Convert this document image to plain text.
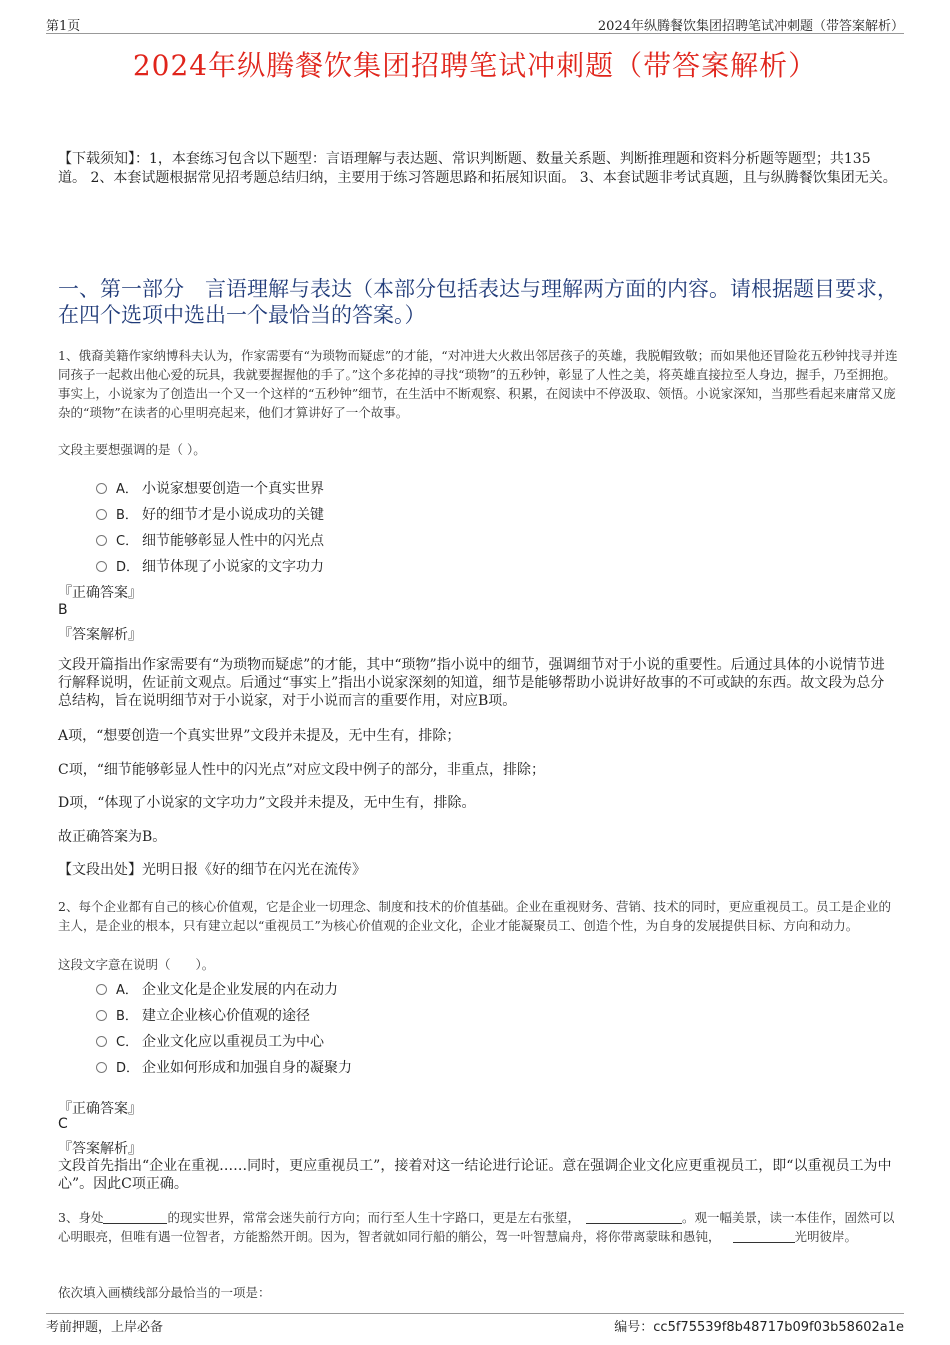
第1页	2024年纵腾餐饮集团招聘笔试冲刺题（带答案解析）
2024年纵腾餐饮集团招聘笔试冲刺题（带答案解析）
【下载须知】：1，本套练习包含以下题型：言语理解与表达题、常识判断题、数量关系题、判断推理题和资料分析题等题型；共135道。 2、本套试题根据常见招考题总结归纳，主要用于练习答题思路和拓展知识面。 3、本套试题非考试真题，且与纵腾餐饮集团无关。
一、第一部分　言语理解与表达（本部分包括表达与理解两方面的内容。请根据题目要求，在四个选项中选出一个最恰当的答案。）
1、俄裔美籍作家纳博科夫认为，作家需要有“为琐物而疑虑”的才能，“对冲进大火救出邻居孩子的英雄，我脱帽致敬；而如果他还冒险花五秒钟找寻并连同孩子一起救出他心爱的玩具，我就要握握他的手了。”这个多花掉的寻找“琐物”的五秒钟，彰显了人性之美，将英雄直接拉至人身边，握手，乃至拥抱。事实上，小说家为了创造出一个又一个这样的“五秒钟”细节，在生活中不断观察、积累，在阅读中不停汲取、领悟。小说家深知，当那些看起来庸常又庞杂的“琐物”在读者的心里明亮起来，他们才算讲好了一个故事。
文段主要想强调的是（ ）。
A． 小说家想要创造一个真实世界
B． 好的细节才是小说成功的关键
C． 细节能够彰显人性中的闪光点
D． 细节体现了小说家的文字功力
『正确答案』
B
『答案解析』
文段开篇指出作家需要有“为琐物而疑虑”的才能，其中“琐物”指小说中的细节，强调细节对于小说的重要性。后通过具体的小说情节进行解释说明，佐证前文观点。后通过“事实上”指出小说家深刻的知道，细节是能够帮助小说讲好故事的不可或缺的东西。故文段为总分总结构，旨在说明细节对于小说家，对于小说而言的重要作用，对应B项。
A项，“想要创造一个真实世界”文段并未提及，无中生有，排除；
C项，“细节能够彰显人性中的闪光点”对应文段中例子的部分，非重点，排除；
D项，“体现了小说家的文字功力”文段并未提及，无中生有，排除。
故正确答案为B。
【文段出处】光明日报《好的细节在闪光在流传》
2、每个企业都有自己的核心价值观，它是企业一切理念、制度和技术的价值基础。企业在重视财务、营销、技术的同时，更应重视员工。员工是企业的主人，是企业的根本，只有建立起以“重视员工”为核心价值观的企业文化，企业才能凝聚员工、创造个性，为自身的发展提供目标、方向和动力。
这段文字意在说明（　　）。
A． 企业文化是企业发展的内在动力
B． 建立企业核心价值观的途径
C． 企业文化应以重视员工为中心
D． 企业如何形成和加强自身的凝聚力
『正确答案』
C
『答案解析』
文段首先指出“企业在重视……同时，更应重视员工”，接着对这一结论进行论证。意在强调企业文化应更重视员工，即“以重视员工为中心”。因此C项正确。
3、身处	的现实世界，常常会迷失前行方向；而行至人生十字路口，更是左右张望，	。观一幅美景，读一本佳作，固然可以心明眼亮，但唯有遇一位智者，方能豁然开朗。因为，智者就如同行船的艄公，驾一叶智慧扁舟，将你带离蒙昧和愚钝，	光明彼岸。
依次填入画横线部分最恰当的一项是：
考前押题，上岸必备	编号：cc5f75539f8b48717b09f03b58602a1e
